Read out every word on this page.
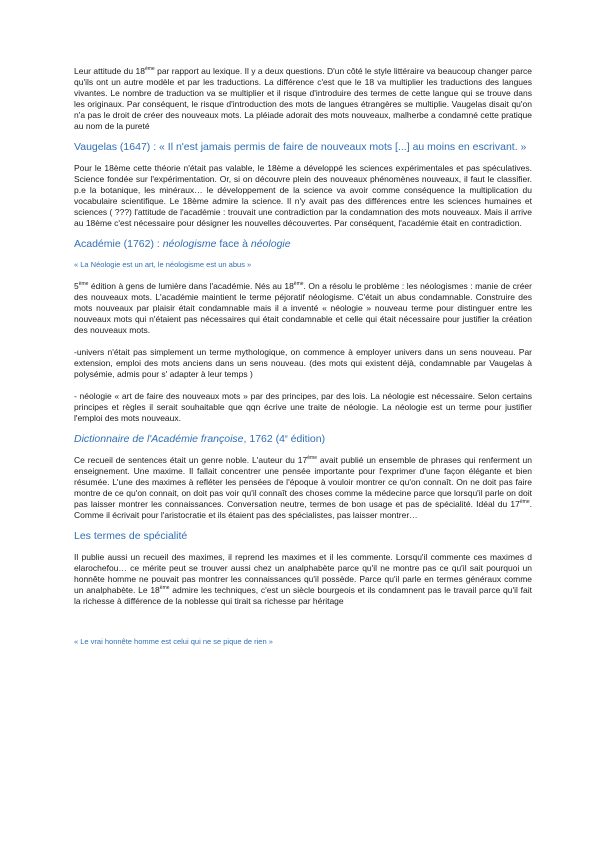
Leur attitude du 18ème par rapport au lexique. Il y a deux questions. D'un côté le style littéraire va beaucoup changer parce qu'ils ont un autre modèle et par les traductions. La différence c'est que le 18 va multiplier les traductions des langues vivantes. Le nombre de traduction va se multiplier et il risque d'introduire des termes de cette langue qui se trouve dans les originaux. Par conséquent, le risque d'introduction des mots de langues étrangères se multiplie. Vaugelas disait qu'on n'a pas le droit de créer des nouveaux mots. La pléiade adorait des mots nouveaux, malherbe a condamné cette pratique au nom de la pureté

Vaugelas (1647) : « Il n'est jamais permis de faire de nouveaux mots [...] au moins en escrivant. »

Pour le 18ème cette théorie n'était pas valable, le 18ème a développé les sciences expérimentales et pas spéculatives. Science fondée sur l'expérimentation. Or, si on découvre plein des nouveaux phénomènes nouveaux, il faut le classifier. p.e la botanique, les minéraux… le développement de la science va avoir comme conséquence la multiplication du vocabulaire scientifique. Le 18ème admire la science. Il n'y avait pas des différences entre les sciences humaines et sciences ( ???) l'attitude de l'académie : trouvait une contradiction par la condamnation des mots nouveaux. Mais il arrive au 18ème c'est nécessaire pour désigner les nouvelles découvertes. Par conséquent, l'académie était en contradiction.

Académie (1762) : néologisme face à néologie

« La Néologie est un art, le néologisme est un abus »

5ème édition à gens de lumière dans l'académie. Nés au 18ème. On a résolu le problème : les néologismes : manie de créer des nouveaux mots. L'académie maintient le terme péjoratif néologisme. C'était un abus condamnable. Construire des mots nouveaux par plaisir était condamnable mais il a inventé « néologie » nouveau terme pour distinguer entre les nouveaux mots qui n'étaient pas nécessaires qui était condamnable et celle qui était nécessaire pour justifier la création des nouveaux mots.

-univers n'était pas simplement un terme mythologique, on commence à employer univers dans un sens nouveau. Par extension, emploi des mots anciens dans un sens nouveau. (des mots qui existent déjà, condamnable par Vaugelas à polysémie, admis pour s' adapter à leur temps )

- néologie « art de faire des nouveaux mots » par des principes, par des lois. La néologie est nécessaire. Selon certains principes et règles il serait souhaitable que qqn écrive une traite de néologie. La néologie est un terme pour justifier l'emploi des mots nouveaux.

Dictionnaire de l'Académie françoise, 1762 (4e édition)

Ce recueil de sentences était un genre noble. L'auteur du 17ème avait publié un ensemble de phrases qui renferment un enseignement. Une maxime. Il fallait concentrer une pensée importante pour l'exprimer d'une façon élégante et bien résumée. L'une des maximes à refléter les pensées de l'époque à vouloir montrer ce qu'on connaît. On ne doit pas faire montre de ce qu'on connait, on doit pas voir qu'il connaît des choses comme la médecine parce que lorsqu'il parle on doit pas laisser montrer les connaissances. Conversation neutre, termes de bon usage et pas de spécialité. Idéal du 17ème. Comme il écrivait pour l'aristocratie et ils étaient pas des spécialistes, pas laisser montrer…

Les termes de spécialité

Il publie aussi un recueil des maximes, il reprend les maximes et il les commente. Lorsqu'il commente ces maximes d elarochefou… ce mérite peut se trouver aussi chez un analphabète parce qu'il ne montre pas ce qu'il sait pourquoi un honnête homme ne pouvait pas montrer les connaissances qu'il possède. Parce qu'il parle en termes généraux comme un analphabète. Le 18ème admire les techniques, c'est un siècle bourgeois et ils condamnent pas le travail parce qu'il fait la richesse à différence de la noblesse qui tirait sa richesse par héritage

« Le vrai honnête homme est celui qui ne se pique de rien »
